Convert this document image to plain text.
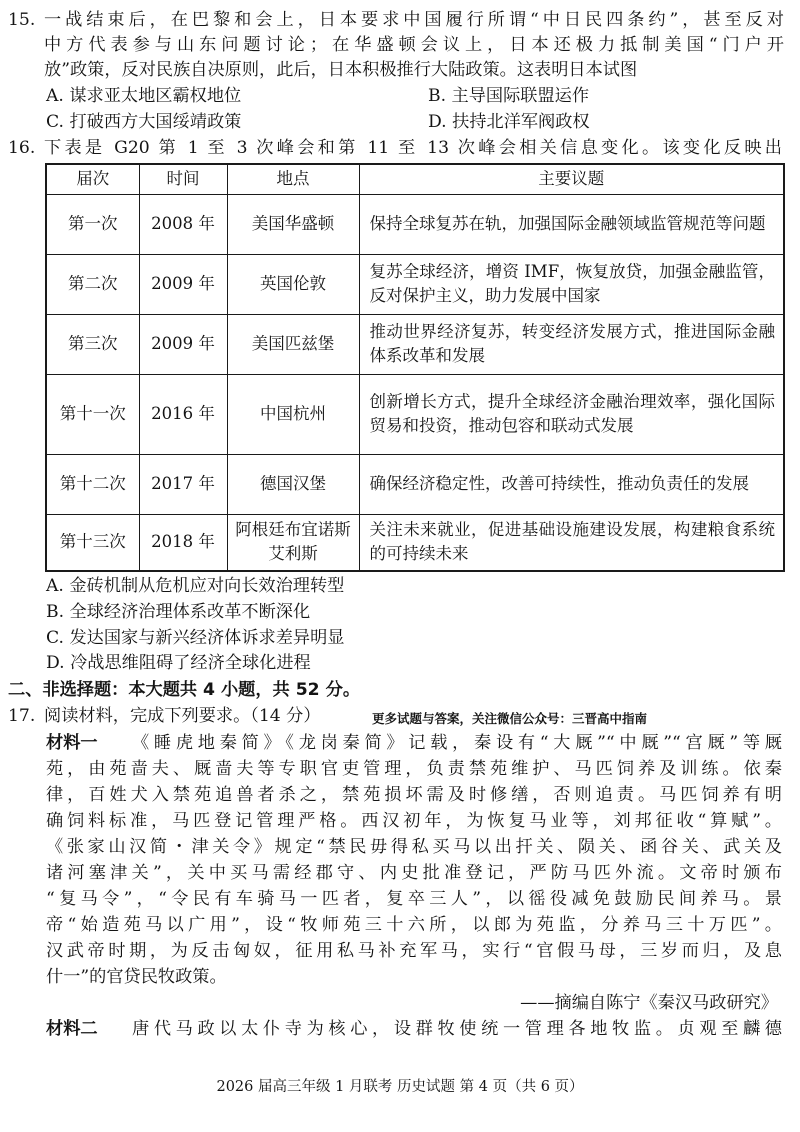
15. 一战结束后，在巴黎和会上，日本要求中国履行所谓“中日民四条约”，甚至反对
中方代表参与山东问题讨论；在华盛顿会议上，日本还极力抵制美国“门户开
放”政策，反对民族自决原则，此后，日本积极推行大陆政策。这表明日本试图
A. 谋求亚太地区霸权地位	B. 主导国际联盟运作
C. 打破西方大国绥靖政策	D. 扶持北洋军阀政权
16. 下表是 G20 第 1 至 3 次峰会和第 11 至 13 次峰会相关信息变化。该变化反映出
届次	时间	地点	主要议题
第一次	2008 年	美国华盛顿	保持全球复苏在轨，加强国际金融领域监管规范等问题
第二次	2009 年	英国伦敦	复苏全球经济，增资 IMF，恢复放贷，加强金融监管，反对保护主义，助力发展中国家
第三次	2009 年	美国匹兹堡	推动世界经济复苏，转变经济发展方式，推进国际金融体系改革和发展
第十一次	2016 年	中国杭州	创新增长方式，提升全球经济金融治理效率，强化国际贸易和投资，推动包容和联动式发展
第十二次	2017 年	德国汉堡	确保经济稳定性，改善可持续性，推动负责任的发展
第十三次	2018 年	阿根廷布宜诺斯艾利斯	关注未来就业，促进基础设施建设发展，构建粮食系统的可持续未来
A. 金砖机制从危机应对向长效治理转型
B. 全球经济治理体系改革不断深化
C. 发达国家与新兴经济体诉求差异明显
D. 冷战思维阻碍了经济全球化进程
二、非选择题：本大题共 4 小题，共 52 分。
17. 阅读材料，完成下列要求。（14 分）	更多试题与答案，关注微信公众号：三晋高中指南
材料一 《睡虎地秦简》《龙岗秦简》记载，秦设有“大厩”“中厩”“宫厩”等厩
苑，由苑啬夫、厩啬夫等专职官吏管理，负责禁苑维护、马匹饲养及训练。依秦
律，百姓犬入禁苑追兽者杀之，禁苑损坏需及时修缮，否则追责。马匹饲养有明
确饲料标准，马匹登记管理严格。西汉初年，为恢复马业等，刘邦征收“算赋”。
《张家山汉简・津关令》规定“禁民毋得私买马以出扞关、陨关、函谷关、武关及
诸河塞津关”，关中买马需经郡守、内史批准登记，严防马匹外流。文帝时颁布
“复马令”，“令民有车骑马一匹者，复卒三人”，以徭役减免鼓励民间养马。景
帝“始造苑马以广用”，设“牧师苑三十六所，以郎为苑监，分养马三十万匹”。
汉武帝时期，为反击匈奴，征用私马补充军马，实行“官假马母，三岁而归，及息
什一”的官贷民牧政策。
——摘编自陈宁《秦汉马政研究》
材料二 唐代马政以太仆寺为核心，设群牧使统一管理各地牧监。贞观至麟德
2026 届高三年级 1 月联考 历史试题 第 4 页（共 6 页）
